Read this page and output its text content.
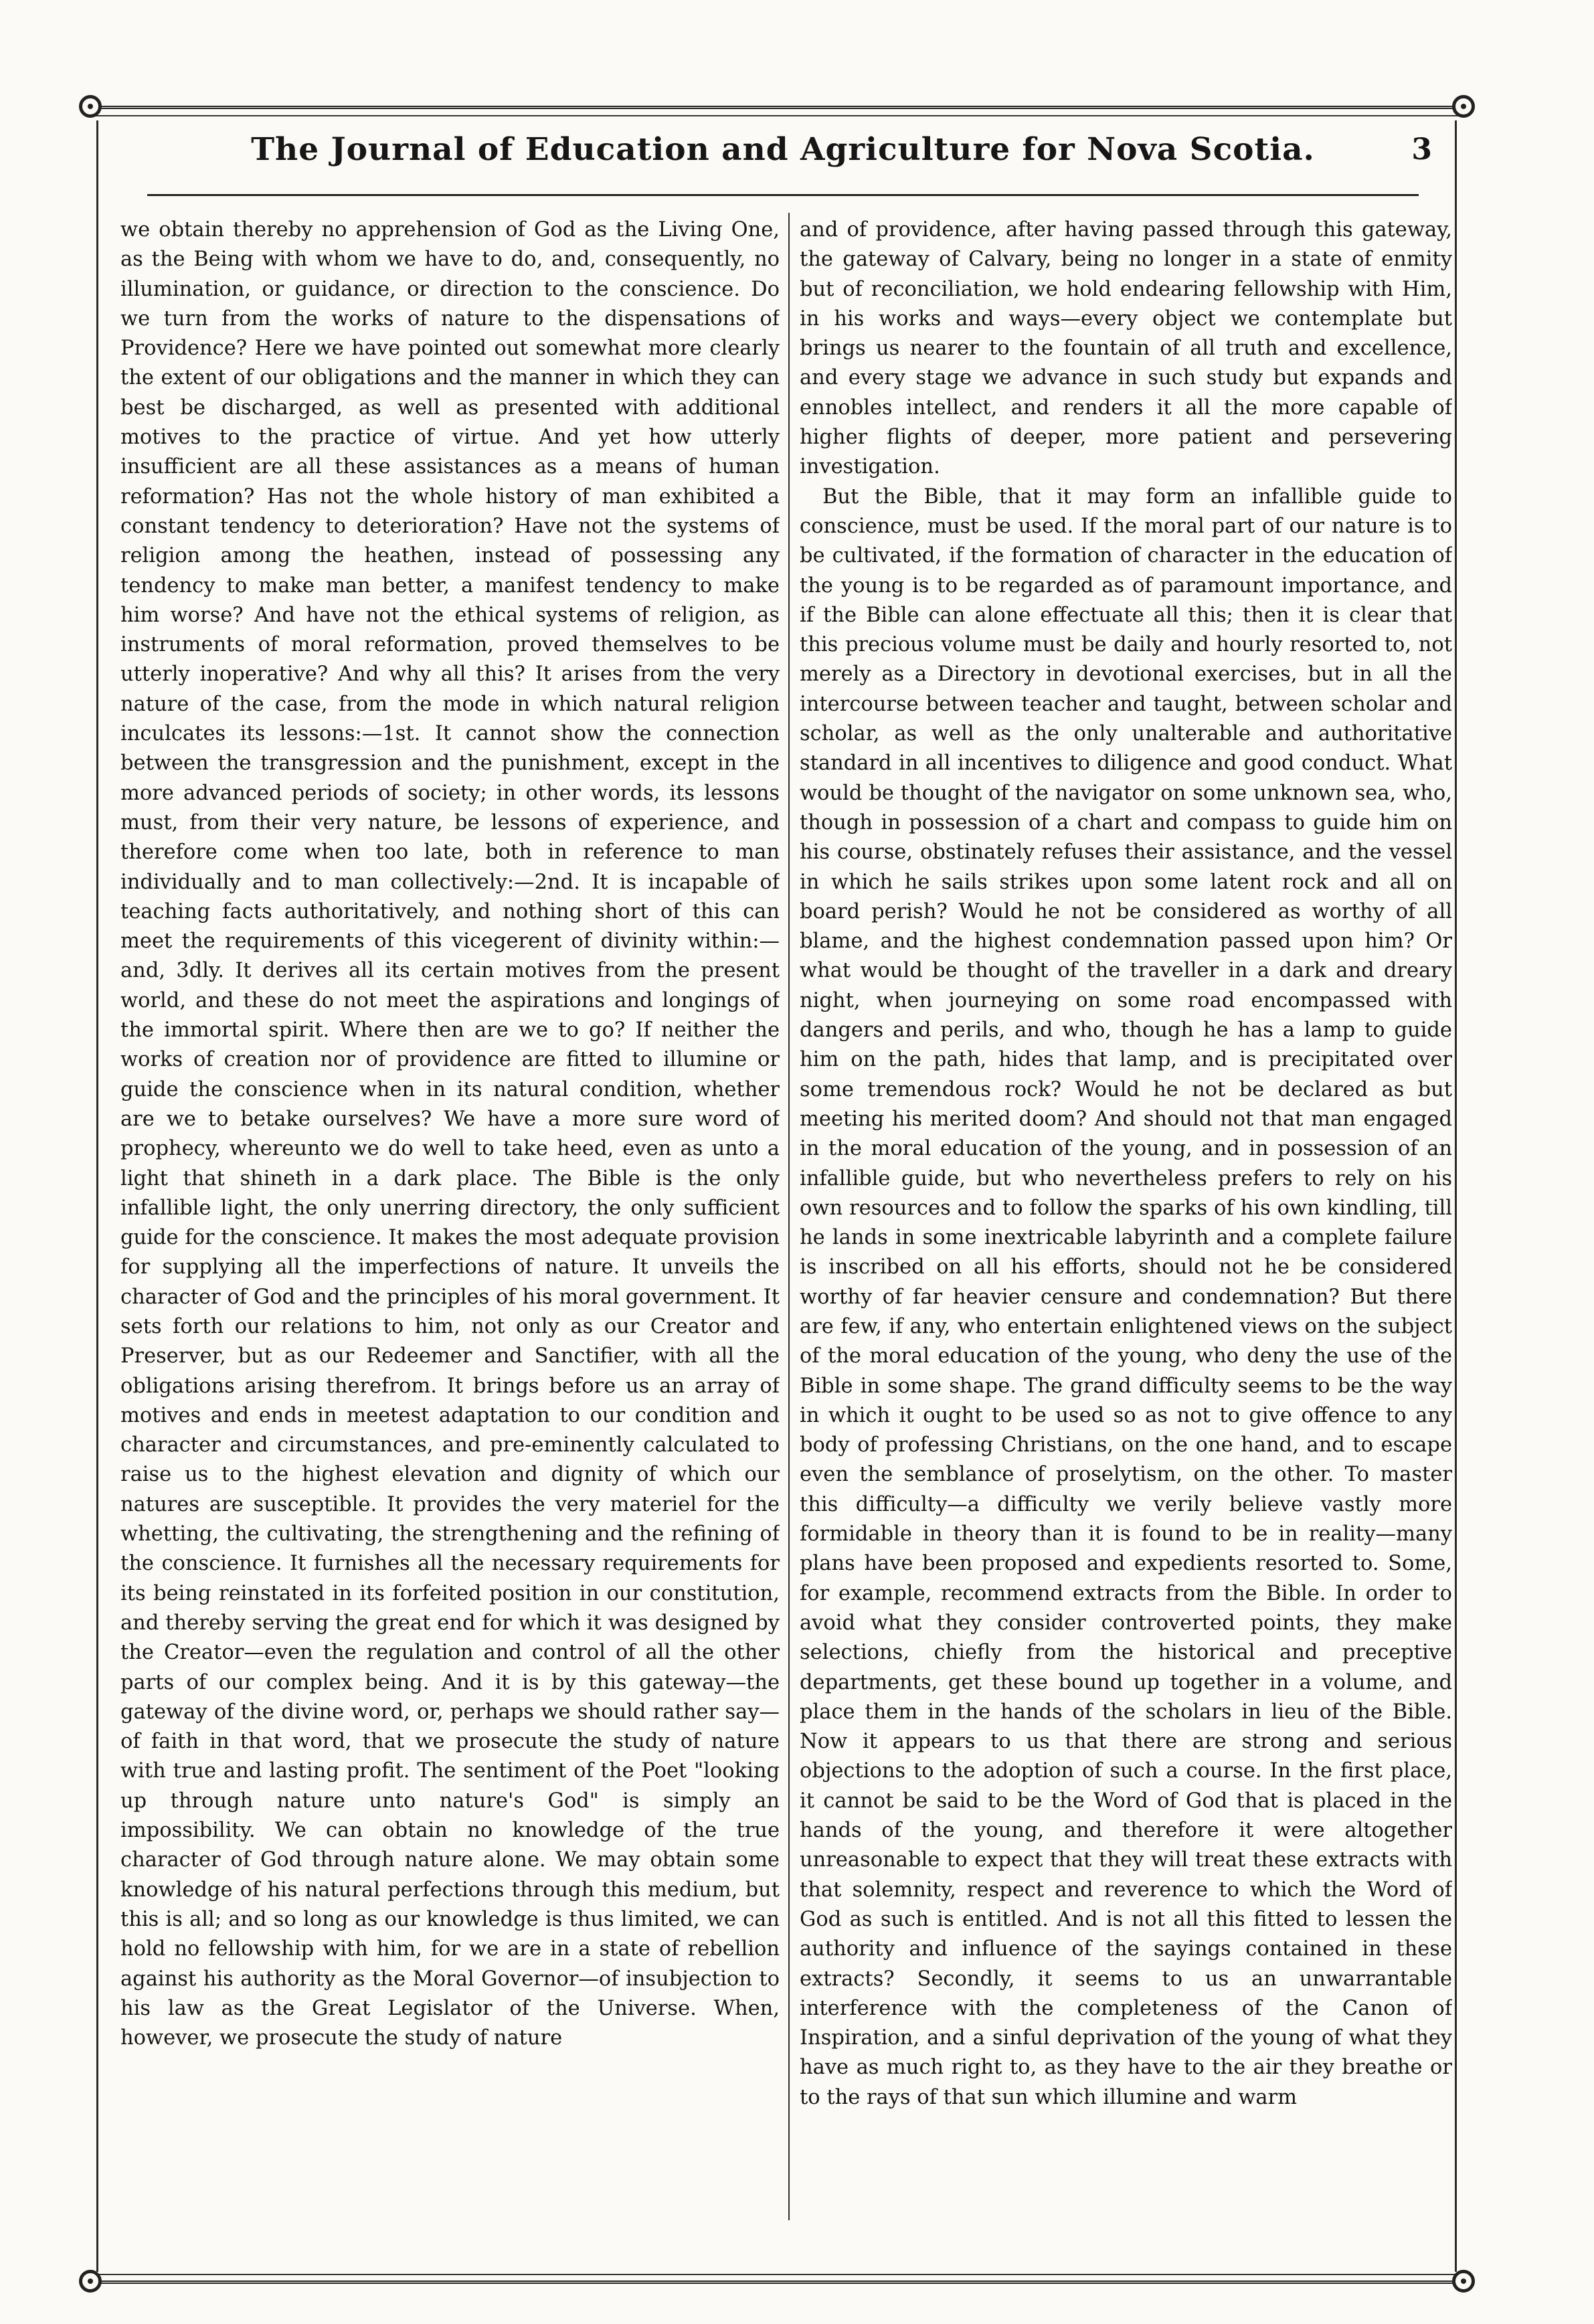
The Journal of Education and Agriculture for Nova Scotia.	3

we obtain thereby no apprehension of God as the Living One, as the Being with whom we have to do, and, consequently, no illumination, or guidance, or direction to the conscience. Do we turn from the works of nature to the dispensations of Providence? Here we have pointed out somewhat more clearly the extent of our obligations and the manner in which they can best be discharged, as well as presented with additional motives to the practice of virtue. And yet how utterly insufficient are all these assistances as a means of human reformation? Has not the whole history of man exhibited a constant tendency to deterioration? Have not the systems of religion among the heathen, instead of possessing any tendency to make man better, a manifest tendency to make him worse? And have not the ethical systems of religion, as instruments of moral reformation, proved themselves to be utterly inoperative? And why all this? It arises from the very nature of the case, from the mode in which natural religion inculcates its lessons:—1st. It cannot show the connection between the transgression and the punishment, except in the more advanced periods of society; in other words, its lessons must, from their very nature, be lessons of experience, and therefore come when too late, both in reference to man individually and to man collectively:—2nd. It is incapable of teaching facts authoritatively, and nothing short of this can meet the requirements of this vicegerent of divinity within:—and, 3dly. It derives all its certain motives from the present world, and these do not meet the aspirations and longings of the immortal spirit. Where then are we to go? If neither the works of creation nor of providence are fitted to illumine or guide the conscience when in its natural condition, whether are we to betake ourselves? We have a more sure word of prophecy, whereunto we do well to take heed, even as unto a light that shineth in a dark place. The Bible is the only infallible light, the only unerring directory, the only sufficient guide for the conscience. It makes the most adequate provision for supplying all the imperfections of nature. It unveils the character of God and the principles of his moral government. It sets forth our relations to him, not only as our Creator and Preserver, but as our Redeemer and Sanctifier, with all the obligations arising therefrom. It brings before us an array of motives and ends in meetest adaptation to our condition and character and circumstances, and pre-eminently calculated to raise us to the highest elevation and dignity of which our natures are susceptible. It provides the very materiel for the whetting, the cultivating, the strengthening and the refining of the conscience. It furnishes all the necessary requirements for its being reinstated in its forfeited position in our constitution, and thereby serving the great end for which it was designed by the Creator—even the regulation and control of all the other parts of our complex being. And it is by this gateway—the gateway of the divine word, or, perhaps we should rather say—of faith in that word, that we prosecute the study of nature with true and lasting profit. The sentiment of the Poet "looking up through nature unto nature's God" is simply an impossibility. We can obtain no knowledge of the true character of God through nature alone. We may obtain some knowledge of his natural perfections through this medium, but this is all; and so long as our knowledge is thus limited, we can hold no fellowship with him, for we are in a state of rebellion against his authority as the Moral Governor—of insubjection to his law as the Great Legislator of the Universe. When, however, we prosecute the study of nature

and of providence, after having passed through this gateway, the gateway of Calvary, being no longer in a state of enmity but of reconciliation, we hold endearing fellowship with Him, in his works and ways—every object we contemplate but brings us nearer to the fountain of all truth and excellence, and every stage we advance in such study but expands and ennobles intellect, and renders it all the more capable of higher flights of deeper, more patient and persevering investigation.

But the Bible, that it may form an infallible guide to conscience, must be used. If the moral part of our nature is to be cultivated, if the formation of character in the education of the young is to be regarded as of paramount importance, and if the Bible can alone effectuate all this; then it is clear that this precious volume must be daily and hourly resorted to, not merely as a Directory in devotional exercises, but in all the intercourse between teacher and taught, between scholar and scholar, as well as the only unalterable and authoritative standard in all incentives to diligence and good conduct. What would be thought of the navigator on some unknown sea, who, though in possession of a chart and compass to guide him on his course, obstinately refuses their assistance, and the vessel in which he sails strikes upon some latent rock and all on board perish? Would he not be considered as worthy of all blame, and the highest condemnation passed upon him? Or what would be thought of the traveller in a dark and dreary night, when journeying on some road encompassed with dangers and perils, and who, though he has a lamp to guide him on the path, hides that lamp, and is precipitated over some tremendous rock? Would he not be declared as but meeting his merited doom? And should not that man engaged in the moral education of the young, and in possession of an infallible guide, but who nevertheless prefers to rely on his own resources and to follow the sparks of his own kindling, till he lands in some inextricable labyrinth and a complete failure is inscribed on all his efforts, should not he be considered worthy of far heavier censure and condemnation? But there are few, if any, who entertain enlightened views on the subject of the moral education of the young, who deny the use of the Bible in some shape. The grand difficulty seems to be the way in which it ought to be used so as not to give offence to any body of professing Christians, on the one hand, and to escape even the semblance of proselytism, on the other. To master this difficulty—a difficulty we verily believe vastly more formidable in theory than it is found to be in reality—many plans have been proposed and expedients resorted to. Some, for example, recommend extracts from the Bible. In order to avoid what they consider controverted points, they make selections, chiefly from the historical and preceptive departments, get these bound up together in a volume, and place them in the hands of the scholars in lieu of the Bible. Now it appears to us that there are strong and serious objections to the adoption of such a course. In the first place, it cannot be said to be the Word of God that is placed in the hands of the young, and therefore it were altogether unreasonable to expect that they will treat these extracts with that solemnity, respect and reverence to which the Word of God as such is entitled. And is not all this fitted to lessen the authority and influence of the sayings contained in these extracts? Secondly, it seems to us an unwarrantable interference with the completeness of the Canon of Inspiration, and a sinful deprivation of the young of what they have as much right to, as they have to the air they breathe or to the rays of that sun which illumine and warm
